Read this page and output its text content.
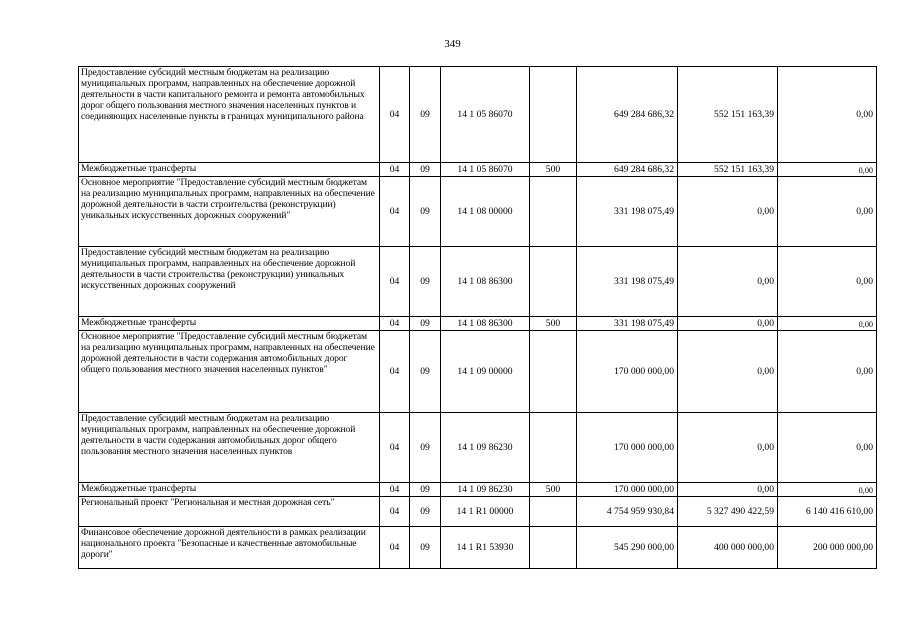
349
Предоставление субсидий местным бюджетам на реализацию муниципальных программ, направленных на обеспечение дорожной деятельности в части капитального ремонта и ремонта автомобильных дорог общего пользования местного значения населенных пунктов и соединяющих населенные пункты в границах муниципального района	04	09	14 1 05 86070		649 284 686,32	552 151 163,39	0,00
Межбюджетные трансферты	04	09	14 1 05 86070	500	649 284 686,32	552 151 163,39	0,00
Основное мероприятие "Предоставление субсидий местным бюджетам на реализацию муниципальных программ, направленных на обеспечение дорожной деятельности в части строительства (реконструкции) уникальных искусственных дорожных сооружений"	04	09	14 1 08 00000		331 198 075,49	0,00	0,00
Предоставление субсидий местным бюджетам на реализацию муниципальных программ, направленных на обеспечение дорожной деятельности в части строительства (реконструкции) уникальных искусственных дорожных сооружений	04	09	14 1 08 86300		331 198 075,49	0,00	0,00
Межбюджетные трансферты	04	09	14 1 08 86300	500	331 198 075,49	0,00	0,00
Основное мероприятие "Предоставление субсидий местным бюджетам на реализацию муниципальных программ, направленных на обеспечение дорожной деятельности в части содержания автомобильных дорог общего пользования местного значения населенных пунктов"	04	09	14 1 09 00000		170 000 000,00	0,00	0,00
Предоставление субсидий местным бюджетам на реализацию муниципальных программ, направленных на обеспечение дорожной деятельности в части содержания автомобильных дорог общего пользования местного значения населенных пунктов	04	09	14 1 09 86230		170 000 000,00	0,00	0,00
Межбюджетные трансферты	04	09	14 1 09 86230	500	170 000 000,00	0,00	0,00
Региональный проект "Региональная и местная дорожная сеть"	04	09	14 1 R1 00000		4 754 959 930,84	5 327 490 422,59	6 140 416 610,00
Финансовое обеспечение дорожной деятельности в рамках реализации национального проекта "Безопасные и качественные автомобильные дороги"	04	09	14 1 R1 53930		545 290 000,00	400 000 000,00	200 000 000,00
